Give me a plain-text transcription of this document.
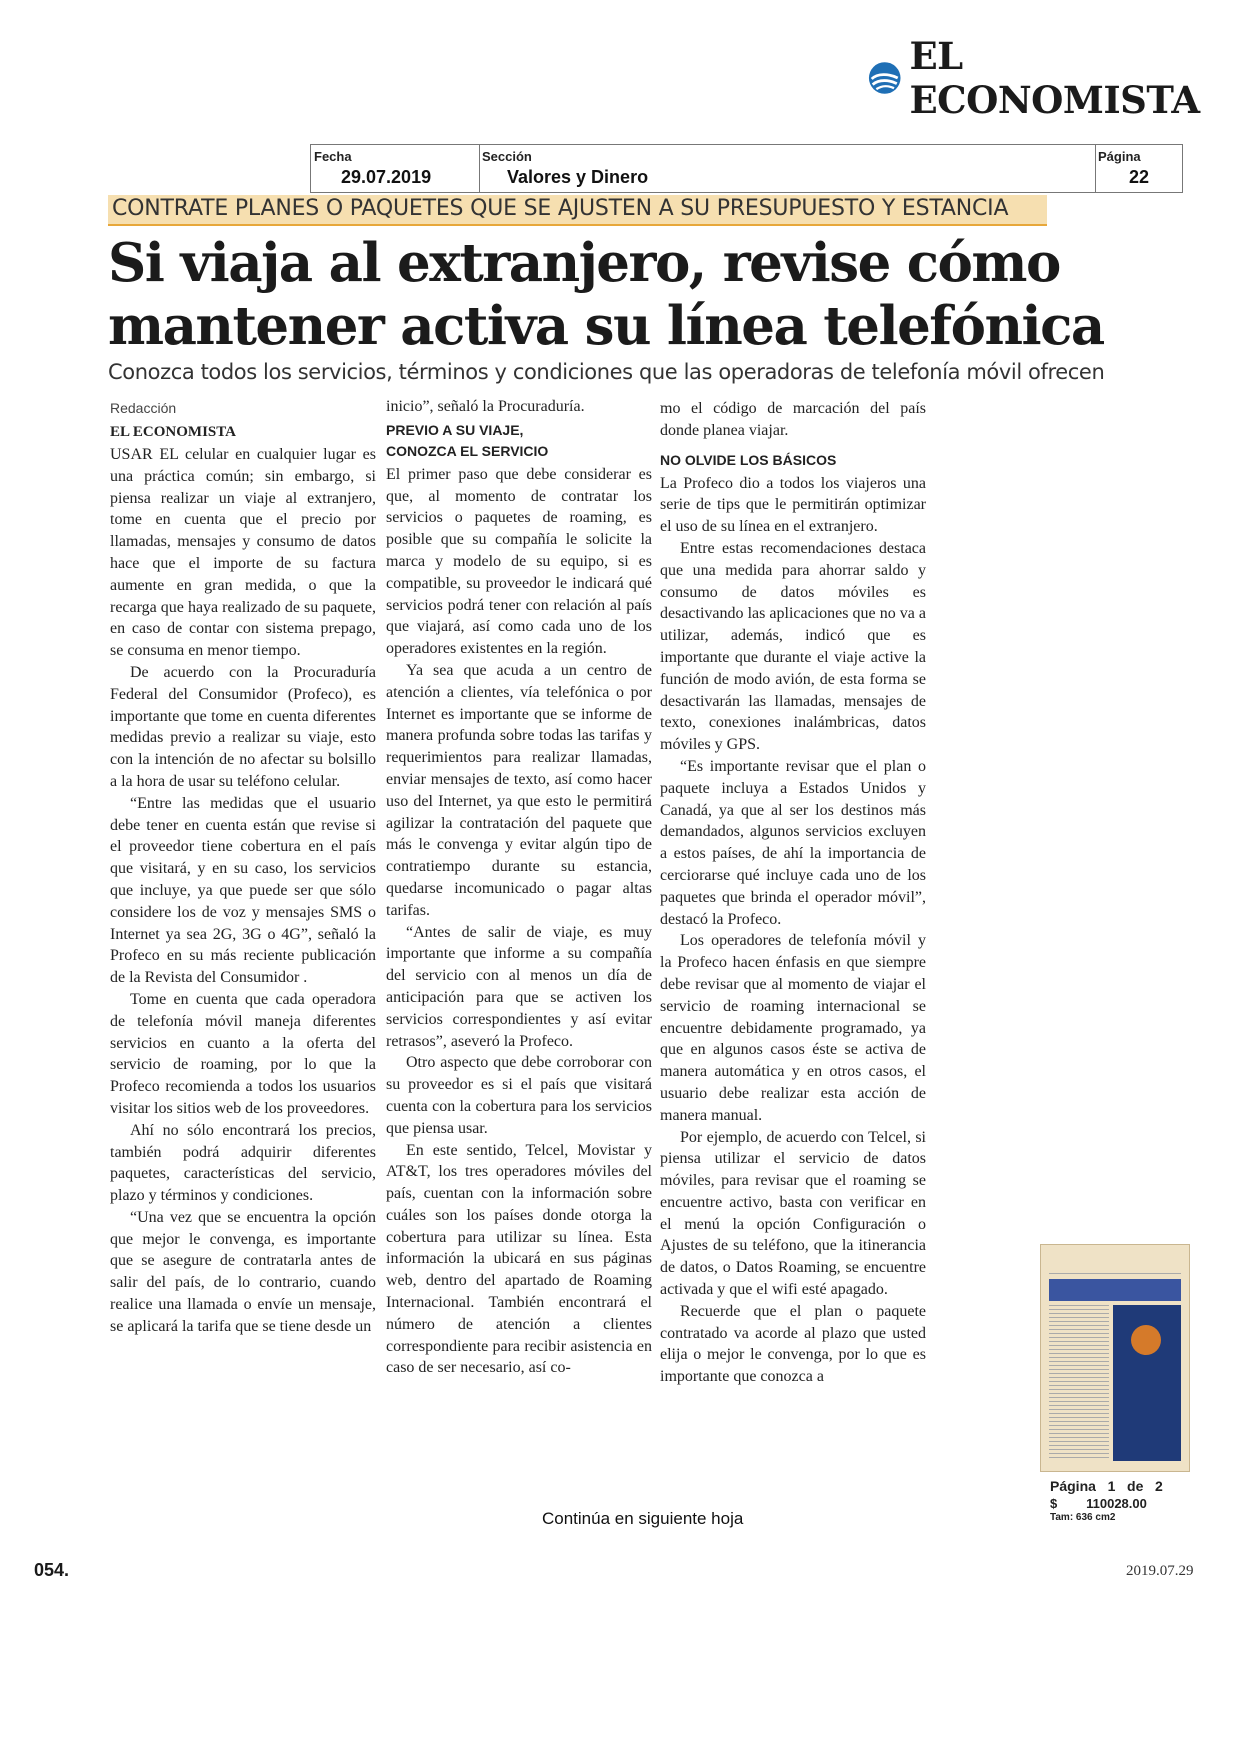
EL ECONOMISTA
Fecha
29.07.2019
Sección
Valores y Dinero
Página
22
CONTRATE PLANES O PAQUETES QUE SE AJUSTEN A SU PRESUPUESTO Y ESTANCIA
Si viaja al extranjero, revise cómo
mantener activa su línea telefónica
Conozca todos los servicios, términos y condiciones que las operadoras de telefonía móvil ofrecen
Redacción
EL ECONOMISTA

USAR EL celular en cualquier lugar es una práctica común; sin embargo, si piensa realizar un viaje al extranjero, tome en cuenta que el precio por llamadas, mensajes y consumo de datos hace que el importe de su factura aumente en gran medida, o que la recarga que haya realizado de su paquete, en caso de contar con sistema prepago, se consuma en menor tiempo.

De acuerdo con la Procuraduría Federal del Consumidor (Profeco), es importante que tome en cuenta diferentes medidas previo a realizar su viaje, esto con la intención de no afectar su bolsillo a la hora de usar su teléfono celular.

“Entre las medidas que el usuario debe tener en cuenta están que revise si el proveedor tiene cobertura en el país que visitará, y en su caso, los servicios que incluye, ya que puede ser que sólo considere los de voz y mensajes SMS o Internet ya sea 2G, 3G o 4G”, señaló la Profeco en su más reciente publicación de la Revista del Consumidor .

Tome en cuenta que cada operadora de telefonía móvil maneja diferentes servicios en cuanto a la oferta del servicio de roaming, por lo que la Profeco recomienda a todos los usuarios visitar los sitios web de los proveedores.

Ahí no sólo encontrará los precios, también podrá adquirir diferentes paquetes, características del servicio, plazo y términos y condiciones.

“Una vez que se encuentra la opción que mejor le convenga, es importante que se asegure de contratarla antes de salir del país, de lo contrario, cuando realice una llamada o envíe un mensaje, se aplicará la tarifa que se tiene desde un

inicio”, señaló la Procuraduría.

PREVIO A SU VIAJE,
CONOZCA EL SERVICIO

El primer paso que debe considerar es que, al momento de contratar los servicios o paquetes de roaming, es posible que su compañía le solicite la marca y modelo de su equipo, si es compatible, su proveedor le indicará qué servicios podrá tener con relación al país que viajará, así como cada uno de los operadores existentes en la región.

Ya sea que acuda a un centro de atención a clientes, vía telefónica o por Internet es importante que se informe de manera profunda sobre todas las tarifas y requerimientos para realizar llamadas, enviar mensajes de texto, así como hacer uso del Internet, ya que esto le permitirá agilizar la contratación del paquete que más le convenga y evitar algún tipo de contratiempo durante su estancia, quedarse incomunicado o pagar altas tarifas.

“Antes de salir de viaje, es muy importante que informe a su compañía del servicio con al menos un día de anticipación para que se activen los servicios correspondientes y así evitar retrasos”, aseveró la Profeco.

Otro aspecto que debe corroborar con su proveedor es si el país que visitará cuenta con la cobertura para los servicios que piensa usar.

En este sentido, Telcel, Movistar y AT&T, los tres operadores móviles del país, cuentan con la información sobre cuáles son los países donde otorga la cobertura para utilizar su línea. Esta información la ubicará en sus páginas web, dentro del apartado de Roaming Internacional. También encontrará el número de atención a clientes correspondiente para recibir asistencia en caso de ser necesario, así co-

mo el código de marcación del país donde planea viajar.

NO OLVIDE LOS BÁSICOS

La Profeco dio a todos los viajeros una serie de tips que le permitirán optimizar el uso de su línea en el extranjero.

Entre estas recomendaciones destaca que una medida para ahorrar saldo y consumo de datos móviles es desactivando las aplicaciones que no va a utilizar, además, indicó que es importante que durante el viaje active la función de modo avión, de esta forma se desactivarán las llamadas, mensajes de texto, conexiones inalámbricas, datos móviles y GPS.

“Es importante revisar que el plan o paquete incluya a Estados Unidos y Canadá, ya que al ser los destinos más demandados, algunos servicios excluyen a estos países, de ahí la importancia de cerciorarse qué incluye cada uno de los paquetes que brinda el operador móvil”, destacó la Profeco.

Los operadores de telefonía móvil y la Profeco hacen énfasis en que siempre debe revisar que al momento de viajar el servicio de roaming internacional se encuentre debidamente programado, ya que en algunos casos éste se activa de manera automática y en otros casos, el usuario debe realizar esta acción de manera manual.

Por ejemplo, de acuerdo con Telcel, si piensa utilizar el servicio de datos móviles, para revisar que el roaming se encuentre activo, basta con verificar en el menú la opción Configuración o Ajustes de su teléfono, que la itinerancia de datos, o Datos Roaming, se encuentre activada y que el wifi esté apagado.

Recuerde que el plan o paquete contratado va acorde al plazo que usted elija o mejor le convenga, por lo que es importante que conozca a

Continúa en siguiente hoja
Página   1   de   2
$        110028.00
Tam: 636 cm2
054.	2019.07.29
